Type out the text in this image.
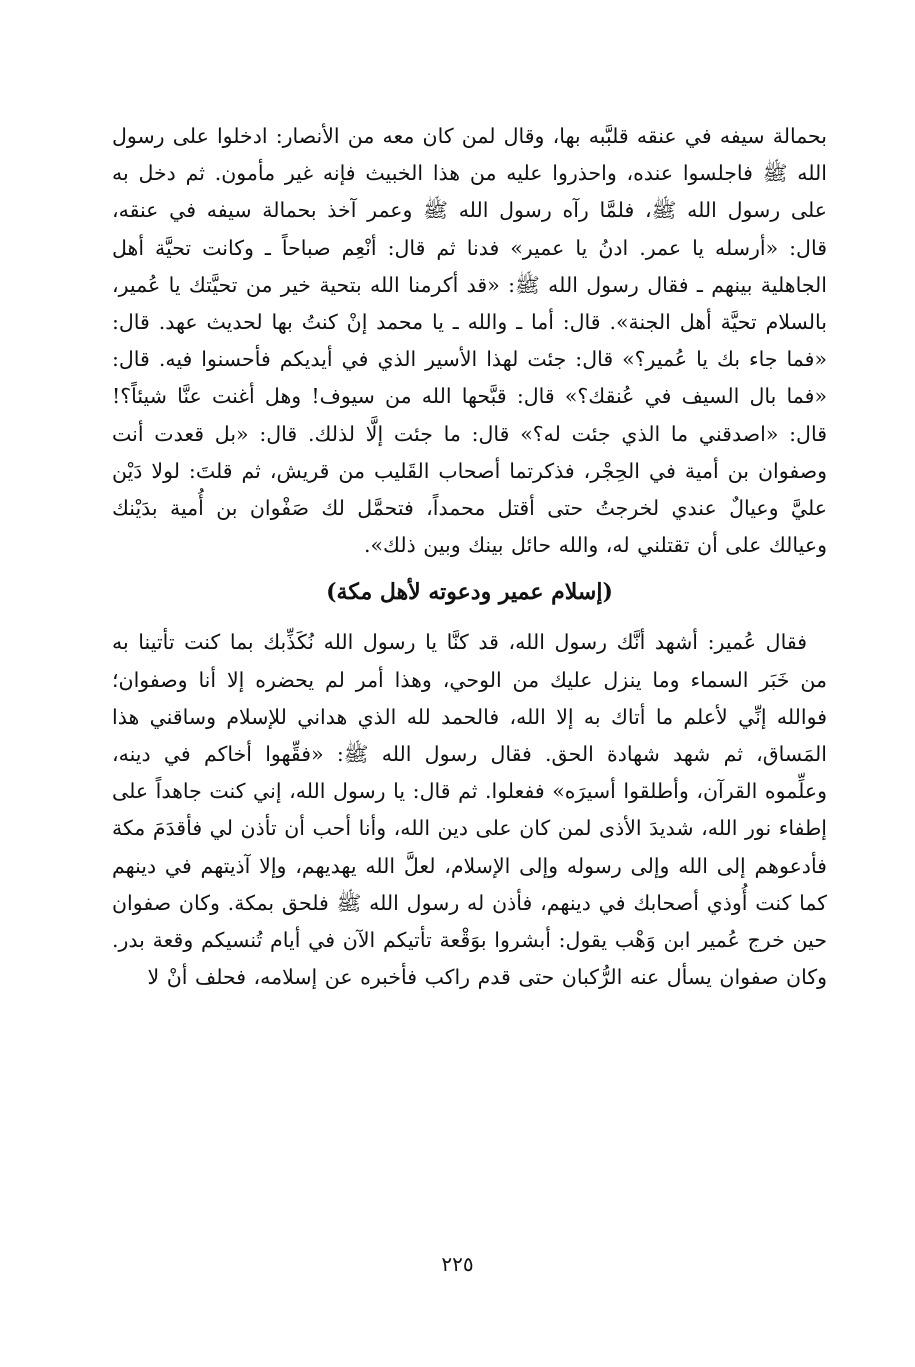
بحمالة سيفه في عنقه قلبَّبه بها، وقال لمن كان معه من الأنصار: ادخلوا على رسول الله ﷺ فاجلسوا عنده، واحذروا عليه من هذا الخبيث فإنه غير مأمون. ثم دخل به على رسول الله ﷺ، فلمَّا رآه رسول الله ﷺ وعمر آخذ بحمالة سيفه في عنقه، قال: «أرسله يا عمر. ادنُ يا عمير» فدنا ثم قال: أنْعِم صباحاً ـ وكانت تحيَّة أهل الجاهلية بينهم ـ فقال رسول الله ﷺ: «قد أكرمنا الله بتحية خير من تحيَّتك يا عُمير، بالسلام تحيَّة أهل الجنة». قال: أما ـ والله ـ يا محمد إنْ كنتُ بها لحديث عهد. قال: «فما جاء بك يا عُمير؟» قال: جئت لهذا الأسير الذي في أيديكم فأحسنوا فيه. قال: «فما بال السيف في عُنقك؟» قال: قبَّحها الله من سيوف! وهل أغنت عنَّا شيئاً؟! قال: «اصدقني ما الذي جئت له؟» قال: ما جئت إلَّا لذلك. قال: «بل قعدت أنت وصفوان بن أمية في الحِجْر، فذكرتما أصحاب القَليب من قريش، ثم قلتَ: لولا دَيْن عليَّ وعيالٌ عندي لخرجتُ حتى أقتل محمداً، فتحمَّل لك صَفْوان بن أُمية بدَيْنك وعيالك على أن تقتلني له، والله حائل بينك وبين ذلك».

(إسلام عمير ودعوته لأهل مكة)

فقال عُمير: أشهد أنَّك رسول الله، قد كنَّا يا رسول الله نُكَذِّبك بما كنت تأتينا به من خَبَر السماء وما ينزل عليك من الوحي، وهذا أمر لم يحضره إلا أنا وصفوان؛ فوالله إنِّي لأعلم ما أتاك به إلا الله، فالحمد لله الذي هداني للإسلام وساقني هذا المَساق، ثم شهد شهادة الحق. فقال رسول الله ﷺ: «فقِّهوا أخاكم في دينه، وعلِّموه القرآن، وأطلقوا أسيرَه» ففعلوا. ثم قال: يا رسول الله، إني كنت جاهداً على إطفاء نور الله، شديدَ الأذى لمن كان على دين الله، وأنا أحب أن تأذن لي فأقدَمَ مكة فأدعوهم إلى الله وإلى رسوله وإلى الإسلام، لعلَّ الله يهديهم، وإلا آذيتهم في دينهم كما كنت أُوذي أصحابك في دينهم، فأذن له رسول الله ﷺ فلحق بمكة. وكان صفوان حين خرج عُمير ابن وَهْب يقول: أبشروا بوَقْعة تأتيكم الآن في أيام تُنسيكم وقعة بدر. وكان صفوان يسأل عنه الرُّكبان حتى قدم راكب فأخبره عن إسلامه، فحلف أنْ لا

٢٢٥
